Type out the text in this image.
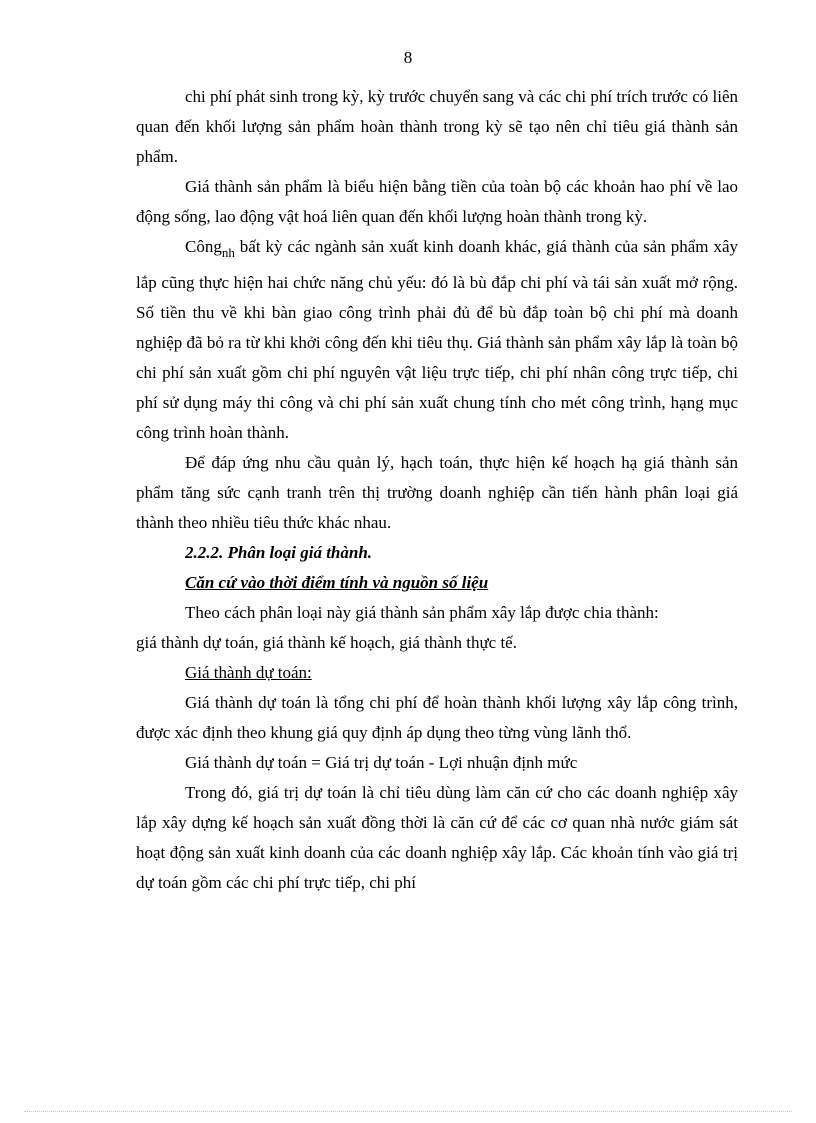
8

chi phí phát sinh trong kỳ, kỳ trước chuyển sang và các chi phí trích trước có liên quan đến khối lượng sản phẩm hoàn thành trong kỳ sẽ tạo nên chỉ tiêu giá thành sản phẩm.

Giá thành sản phẩm là biểu hiện bằng tiền của toàn bộ các khoản hao phí về lao động sống, lao động vật hoá liên quan đến khối lượng hoàn thành trong kỳ.

Công$_{nh}$ bất kỳ các ngành sản xuất kinh doanh khác, giá thành của sản phẩm xây lắp cũng thực hiện hai chức năng chủ yếu: đó là bù đắp chi phí và tái sản xuất mở rộng. Số tiền thu về khi bàn giao công trình phải đủ để bù đắp toàn bộ chi phí mà doanh nghiệp đã bỏ ra từ khi khởi công đến khi tiêu thụ. Giá thành sản phẩm xây lắp là toàn bộ chi phí sản xuất gồm chi phí nguyên vật liệu trực tiếp, chi phí nhân công trực tiếp, chi phí sử dụng máy thi công và chi phí sản xuất chung tính cho mét công trình, hạng mục công trình hoàn thành.

Để đáp ứng nhu cầu quản lý, hạch toán, thực hiện kế hoạch hạ giá thành sản phẩm tăng sức cạnh tranh trên thị trường doanh nghiệp cần tiến hành phân loại giá thành theo nhiều tiêu thức khác nhau.

2.2.2. Phân loại giá thành.

Căn cứ vào thời điểm tính và nguồn số liệu

Theo cách phân loại này giá thành sản phẩm xây lắp được chia thành:

giá thành dự toán, giá thành kế hoạch, giá thành thực tế.

Giá thành dự toán:

Giá thành dự toán là tổng chi phí để hoàn thành khối lượng xây lắp công trình, được xác định theo khung giá quy định áp dụng theo từng vùng lãnh thổ.

Giá thành dự toán = Giá trị dự toán - Lợi nhuận định mức

Trong đó, giá trị dự toán là chỉ tiêu dùng làm căn cứ cho các doanh nghiệp xây lắp xây dựng kế hoạch sản xuất đồng thời là căn cứ để các cơ quan nhà nước giám sát hoạt động sản xuất kinh doanh của các doanh nghiệp xây lắp. Các khoản tính vào giá trị dự toán gồm các chi phí trực tiếp, chi phí
